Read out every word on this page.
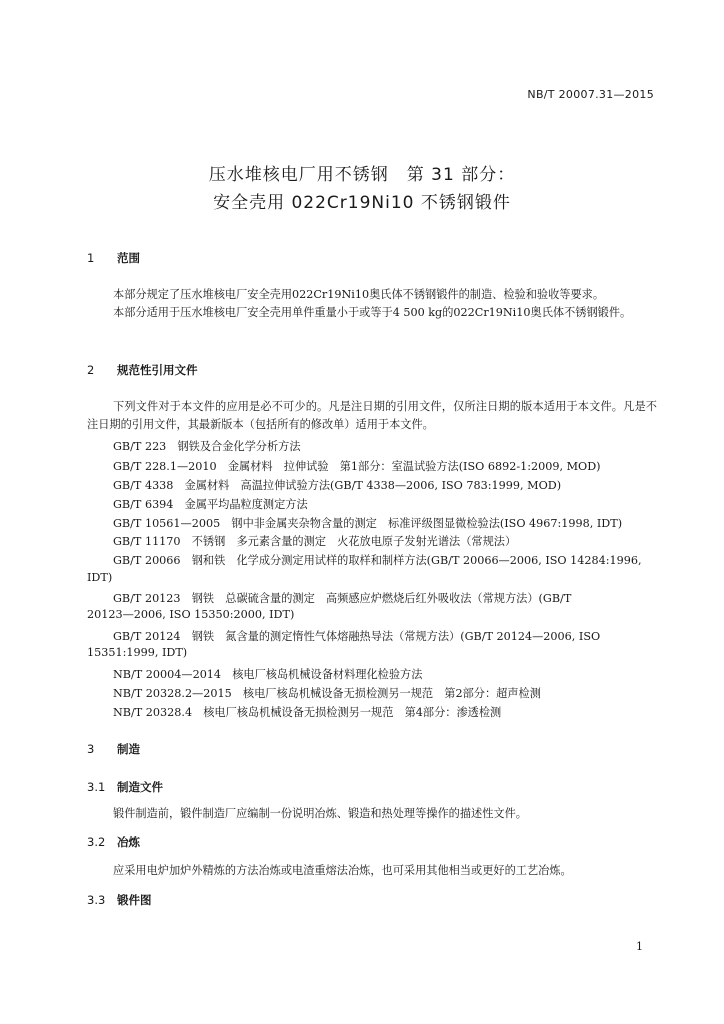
NB/T 20007.31—2015
压水堆核电厂用不锈钢　第 31 部分：
安全壳用 022Cr19Ni10 不锈钢锻件
1 范围
本部分规定了压水堆核电厂安全壳用022Cr19Ni10奥氏体不锈钢锻件的制造、检验和验收等要求。
本部分适用于压水堆核电厂安全壳用单件重量小于或等于4 500 kg的022Cr19Ni10奥氏体不锈钢锻件。
2 规范性引用文件
下列文件对于本文件的应用是必不可少的。凡是注日期的引用文件，仅所注日期的版本适用于本文件。凡是不注日期的引用文件，其最新版本（包括所有的修改单）适用于本文件。
GB/T 223　钢铁及合金化学分析方法
GB/T 228.1—2010　金属材料　拉伸试验　第1部分：室温试验方法(ISO 6892-1:2009, MOD)
GB/T 4338　金属材料　高温拉伸试验方法(GB/T 4338—2006, ISO 783:1999, MOD)
GB/T 6394　金属平均晶粒度测定方法
GB/T 10561—2005　钢中非金属夹杂物含量的测定　标准评级图显微检验法(ISO 4967:1998, IDT)
GB/T 11170　不锈钢　多元素含量的测定　火花放电原子发射光谱法（常规法）
GB/T 20066　钢和铁　化学成分测定用试样的取样和制样方法(GB/T 20066—2006, ISO 14284:1996,
IDT)
GB/T 20123　钢铁　总碳硫含量的测定　高频感应炉燃烧后红外吸收法（常规方法）(GB/T
20123—2006, ISO 15350:2000, IDT)
GB/T 20124　钢铁　氮含量的测定惰性气体熔融热导法（常规方法）(GB/T 20124—2006, ISO
15351:1999, IDT)
NB/T 20004—2014　核电厂核岛机械设备材料理化检验方法
NB/T 20328.2—2015　核电厂核岛机械设备无损检测另一规范　第2部分：超声检测
NB/T 20328.4　核电厂核岛机械设备无损检测另一规范　第4部分：渗透检测
3 制造
3.1 制造文件
锻件制造前，锻件制造厂应编制一份说明冶炼、锻造和热处理等操作的描述性文件。
3.2 冶炼
应采用电炉加炉外精炼的方法冶炼或电渣重熔法冶炼，也可采用其他相当或更好的工艺冶炼。
3.3 锻件图
1
